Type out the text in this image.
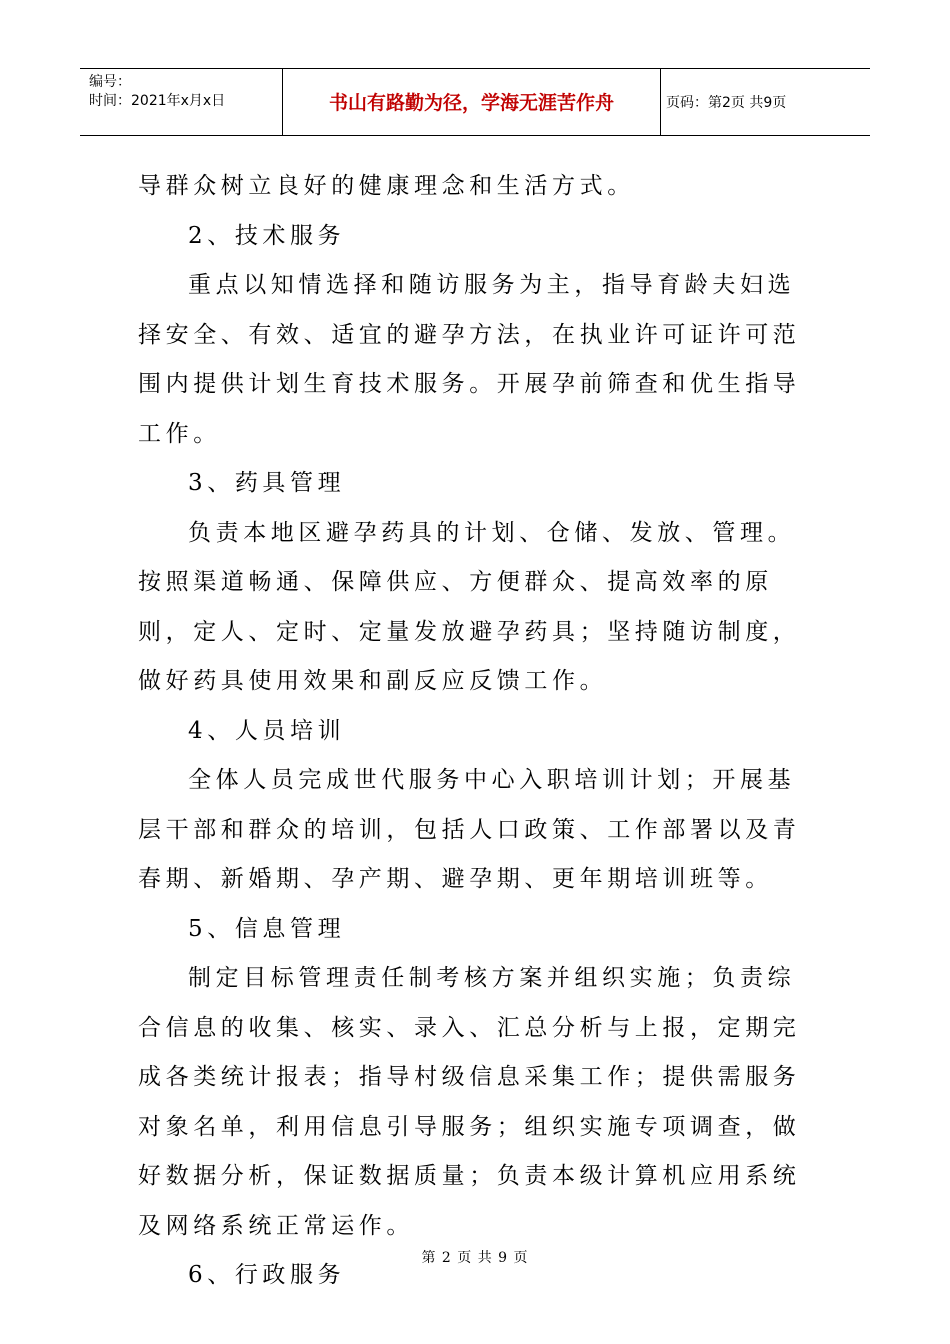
编号：
时间：2021年x月x日	书山有路勤为径，学海无涯苦作舟	页码：第2页 共9页

导群众树立良好的健康理念和生活方式。

2、技术服务

重点以知情选择和随访服务为主，指导育龄夫妇选择安全、有效、适宜的避孕方法，在执业许可证许可范围内提供计划生育技术服务。开展孕前筛查和优生指导工作。

3、药具管理

负责本地区避孕药具的计划、仓储、发放、管理。按照渠道畅通、保障供应、方便群众、提高效率的原则，定人、定时、定量发放避孕药具；坚持随访制度，做好药具使用效果和副反应反馈工作。

4、人员培训

全体人员完成世代服务中心入职培训计划；开展基层干部和群众的培训，包括人口政策、工作部署以及青春期、新婚期、孕产期、避孕期、更年期培训班等。

5、信息管理

制定目标管理责任制考核方案并组织实施；负责综合信息的收集、核实、录入、汇总分析与上报，定期完成各类统计报表；指导村级信息采集工作；提供需服务对象名单，利用信息引导服务；组织实施专项调查，做好数据分析，保证数据质量；负责本级计算机应用系统及网络系统正常运作。

6、行政服务

第 2 页 共 9 页
